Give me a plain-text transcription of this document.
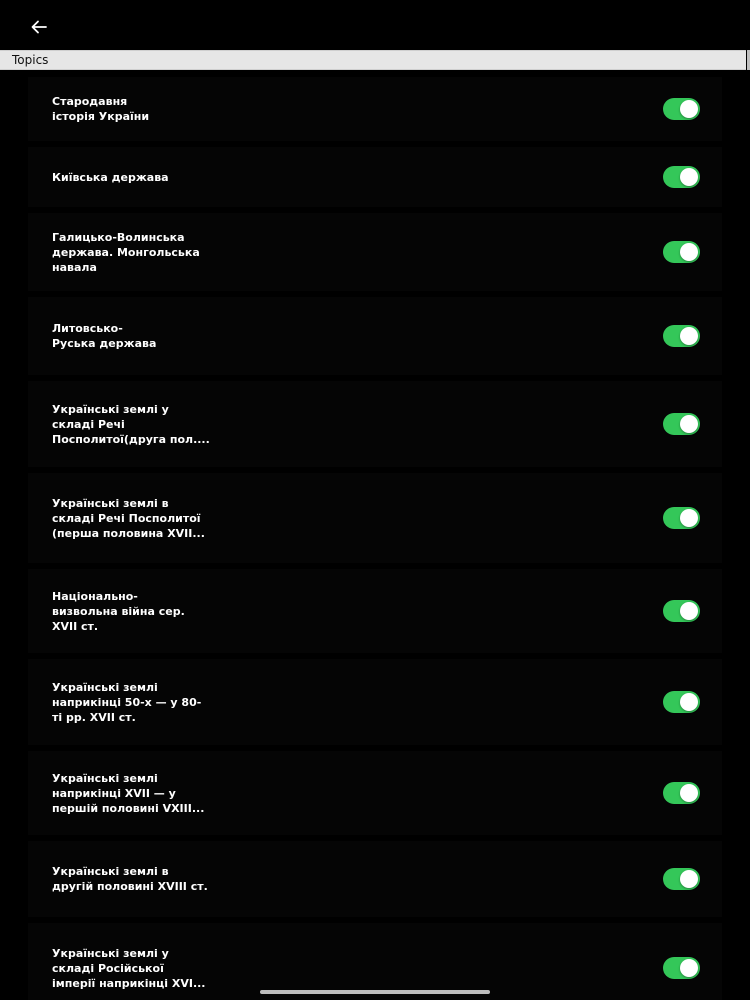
Topics
Стародавня
історія України
Київська держава
Галицько-Волинська
держава. Монгольська
навала
Литовсько-
Руська держава
Українські землі у
складі Речі
Посполитої(друга пол....
Українські землі в
складі Речі Посполитої
(перша половина XVII...
Національно-
визвольна війна сер.
XVII ст.
Українські землі
наприкінці 50-х — у 80-
ті рр. XVII ст.
Українські землі
наприкінці XVII — у
першій половині VXIII...
Українські землі в
другій половині XVIII ст.
Українські землі у
складі Російської
імперії наприкінці XVI...
